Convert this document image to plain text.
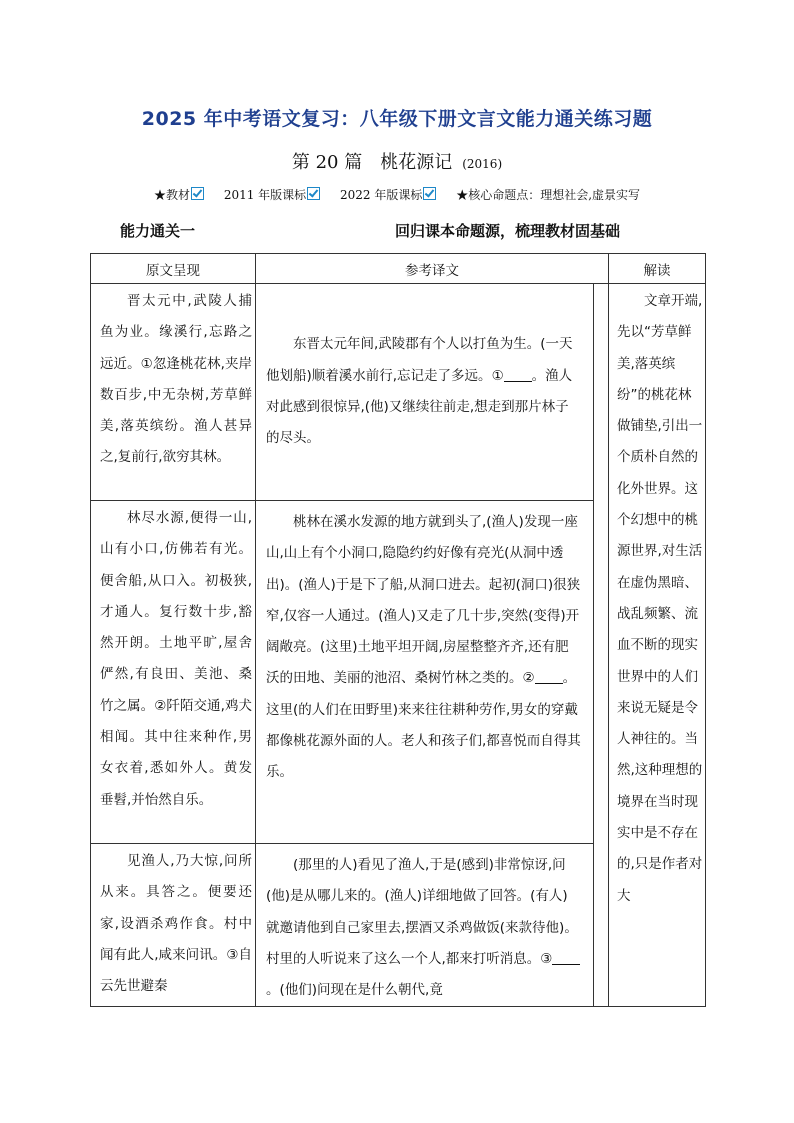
2025 年中考语文复习：八年级下册文言文能力通关练习题
第 20 篇　桃花源记 (2016)
★教材	2011 年版课标	2022 年版课标	★核心命题点：理想社会,虚景实写
能力通关一	回归课本命题源，梳理教材固基础
原文呈现	参考译文		解读
晋太元中,武陵人捕鱼为业。缘溪行,忘路之远近。①忽逢桃花林,夹岸数百步,中无杂树,芳草鲜美,落英缤纷。渔人甚异之,复前行,欲穷其林。	东晋太元年间,武陵郡有个人以打鱼为生。(一天他划船)顺着溪水前行,忘记走了多远。① 。渔人对此感到很惊异,(他)又继续往前走,想走到那片林子的尽头。		文章开端,先以“芳草鲜美,落英缤纷”的桃花林做铺垫,引出一个质朴自然的化外世界。这个幻想中的桃源世界,对生活在虚伪黑暗、战乱频繁、流血不断的现实世界中的人们来说无疑是令人神往的。当然,这种理想的境界在当时现实中是不存在的,只是作者对大
林尽水源,便得一山,山有小口,仿佛若有光。便舍船,从口入。初极狭,才通人。复行数十步,豁然开朗。土地平旷,屋舍俨然,有良田、美池、桑竹之属。②阡陌交通,鸡犬相闻。其中往来种作,男女衣着,悉如外人。黄发垂髫,并怡然自乐。	桃林在溪水发源的地方就到头了,(渔人)发现一座山,山上有个小洞口,隐隐约约好像有亮光(从洞中透出)。(渔人)于是下了船,从洞口进去。起初(洞口)很狭窄,仅容一人通过。(渔人)又走了几十步,突然(变得)开阔敞亮。(这里)土地平坦开阔,房屋整整齐齐,还有肥沃的田地、美丽的池沼、桑树竹林之类的。② 。这里(的人们在田野里)来来往往耕种劳作,男女的穿戴都像桃花源外面的人。老人和孩子们,都喜悦而自得其乐。		
见渔人,乃大惊,问所从来。具答之。便要还家,设酒杀鸡作食。村中闻有此人,咸来问讯。③自云先世避秦	(那里的人)看见了渔人,于是(感到)非常惊讶,问(他)是从哪儿来的。(渔人)详细地做了回答。(有人)就邀请他到自己家里去,摆酒又杀鸡做饭(来款待他)。村里的人听说来了这么一个人,都来打听消息。③。(他们)问现在是什么朝代,竟		
